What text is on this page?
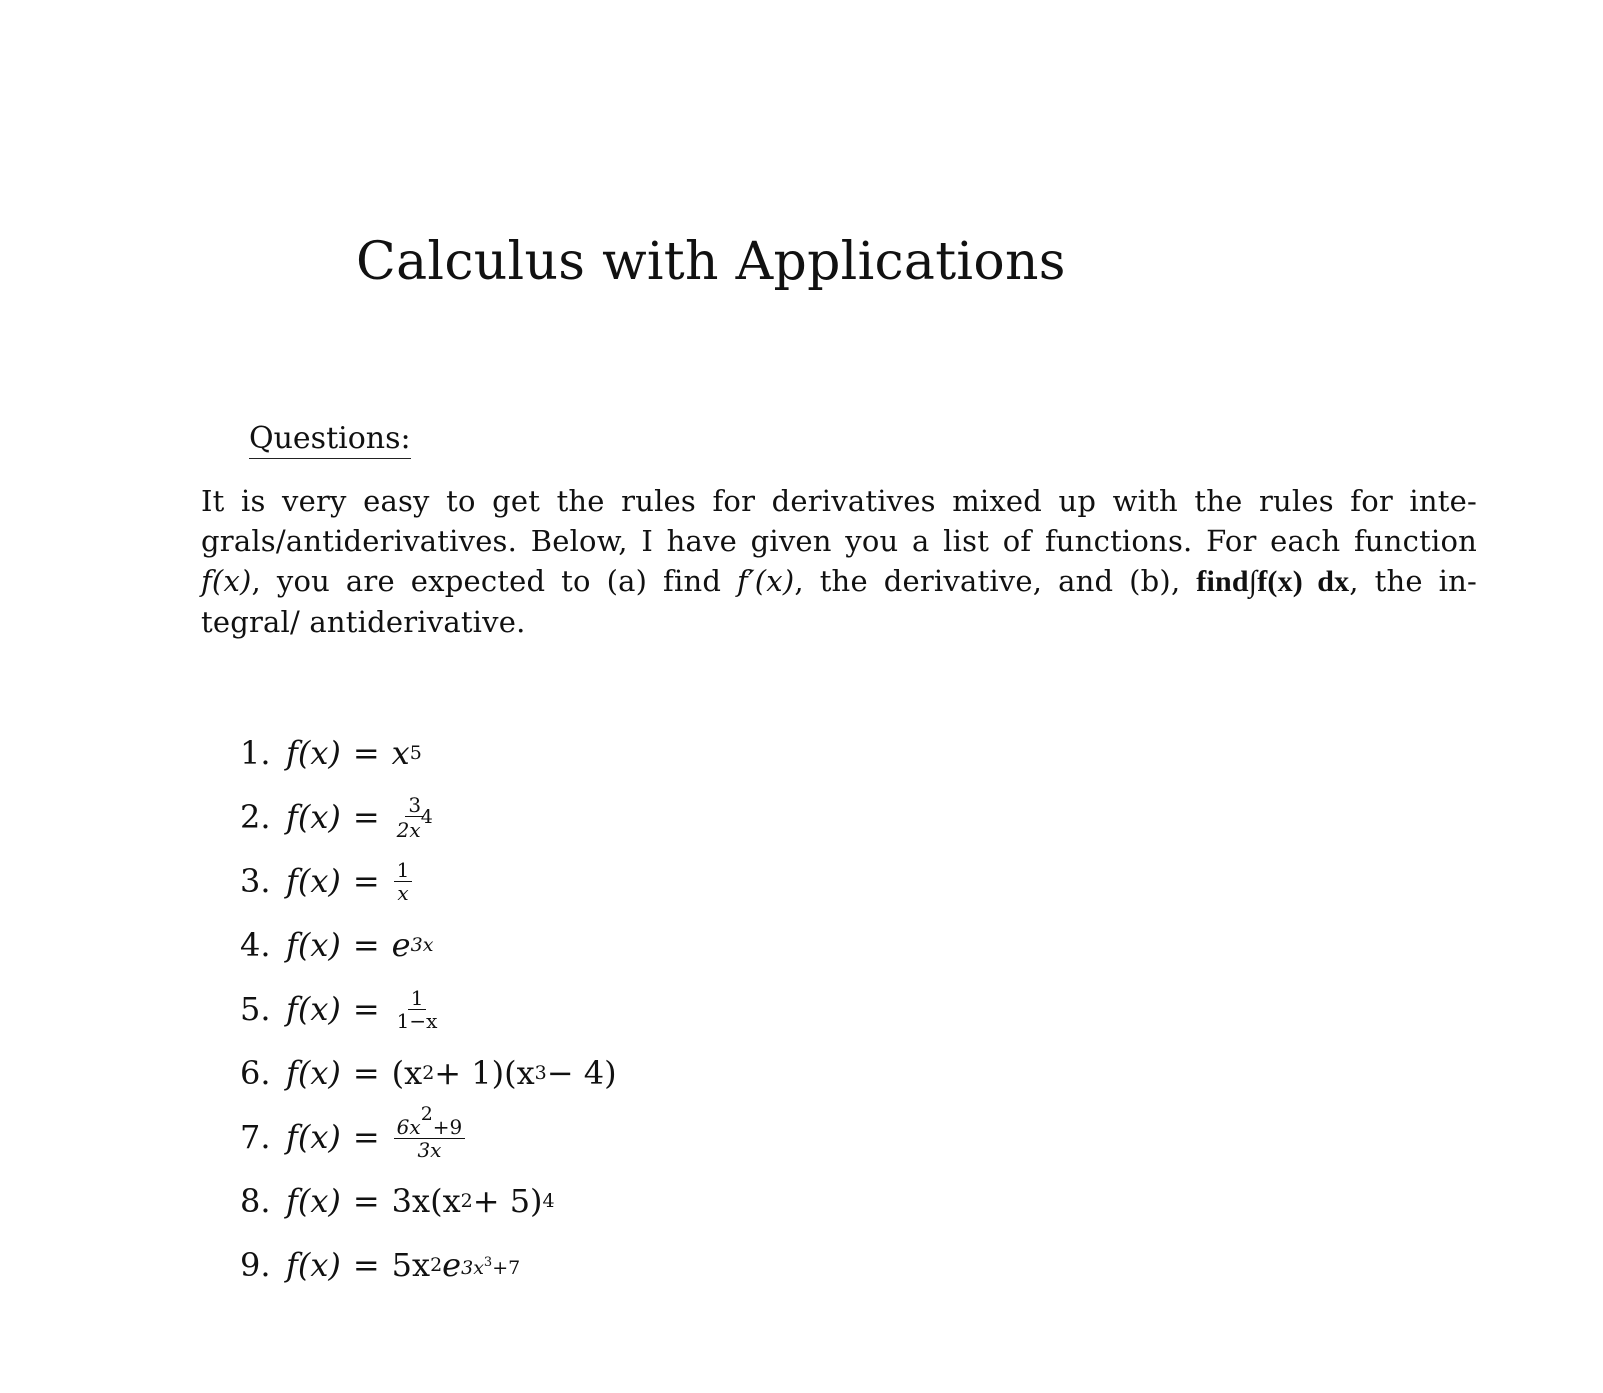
Calculus with Applications
Questions:

It is very easy to get the rules for derivatives mixed up with the rules for inte-grals/antiderivatives. Below, I have given you a list of functions. For each function f(x), you are expected to (a) find f′(x), the derivative, and (b), find∫f(x) dx, the in-tegral/ antiderivative.

1. f(x) = x 5
2. $f(x) = \frac{3}{2x^4}$
3. $f(x) = \frac{1}{x}$
4. f(x) = e 3x
5. $f(x) = \frac{1}{1-x}$
6. f(x) = (x 2 + 1)(x 3 − 4)
7. $f(x) = \frac{6x^2+9}{3x}$
8. f(x) = 3x(x 2 + 5) 4
9. f(x) = 5x 2 e $3x^3+7$
